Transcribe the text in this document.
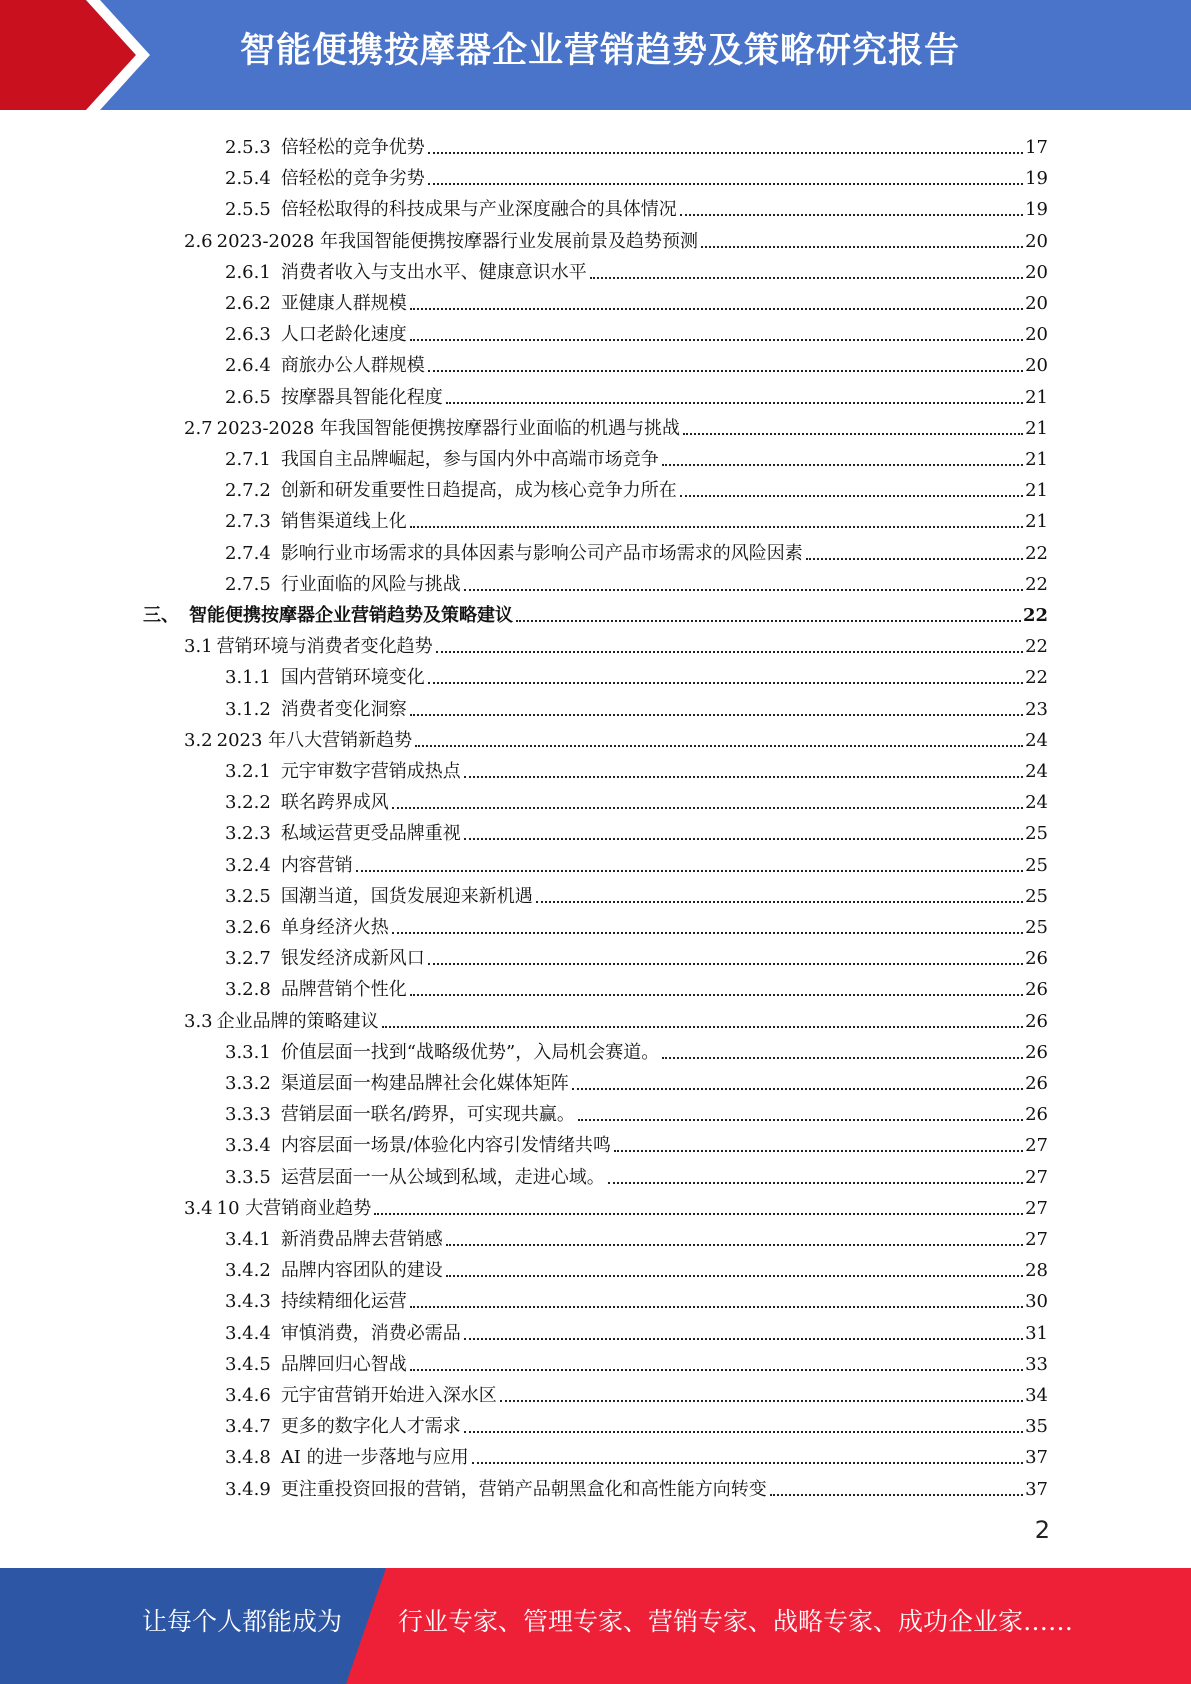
智能便携按摩器企业营销趋势及策略研究报告
2.5.3 倍轻松的竞争优势	17
2.5.4 倍轻松的竞争劣势	19
2.5.5 倍轻松取得的科技成果与产业深度融合的具体情况	19
2.6 2023-2028 年我国智能便携按摩器行业发展前景及趋势预测	20
2.6.1 消费者收入与支出水平、健康意识水平	20
2.6.2 亚健康人群规模	20
2.6.3 人口老龄化速度	20
2.6.4 商旅办公人群规模	20
2.6.5 按摩器具智能化程度	21
2.7 2023-2028 年我国智能便携按摩器行业面临的机遇与挑战	21
2.7.1 我国自主品牌崛起，参与国内外中高端市场竞争	21
2.7.2 创新和研发重要性日趋提高，成为核心竞争力所在	21
2.7.3 销售渠道线上化	21
2.7.4 影响行业市场需求的具体因素与影响公司产品市场需求的风险因素	22
2.7.5 行业面临的风险与挑战	22
三、 智能便携按摩器企业营销趋势及策略建议	22
3.1 营销环境与消费者变化趋势	22
3.1.1 国内营销环境变化	22
3.1.2 消费者变化洞察	23
3.2 2023 年八大营销新趋势	24
3.2.1 元宇审数字营销成热点	24
3.2.2 联名跨界成风	24
3.2.3 私域运营更受品牌重视	25
3.2.4 内容营销	25
3.2.5 国潮当道，国货发展迎来新机遇	25
3.2.6 单身经济火热	25
3.2.7 银发经济成新风口	26
3.2.8 品牌营销个性化	26
3.3 企业品牌的策略建议	26
3.3.1 价值层面一找到“战略级优势”，入局机会赛道。	26
3.3.2 渠道层面一构建品牌社会化媒体矩阵	26
3.3.3 营销层面一联名/跨界，可实现共赢。	26
3.3.4 内容层面一场景/体验化内容引发情绪共鸣	27
3.3.5 运营层面一一从公域到私域，走进心域。	27
3.4 10 大营销商业趋势	27
3.4.1 新消费品牌去营销感	27
3.4.2 品牌内容团队的建设	28
3.4.3 持续精细化运营	30
3.4.4 审慎消费，消费必需品	31
3.4.5 品牌回归心智战	33
3.4.6 元宇宙营销开始进入深水区	34
3.4.7 更多的数字化人才需求	35
3.4.8 AI 的进一步落地与应用	37
3.4.9 更注重投资回报的营销，营销产品朝黑盒化和高性能方向转变	37
2
让每个人都能成为 行业专家、管理专家、营销专家、战略专家、成功企业家……
